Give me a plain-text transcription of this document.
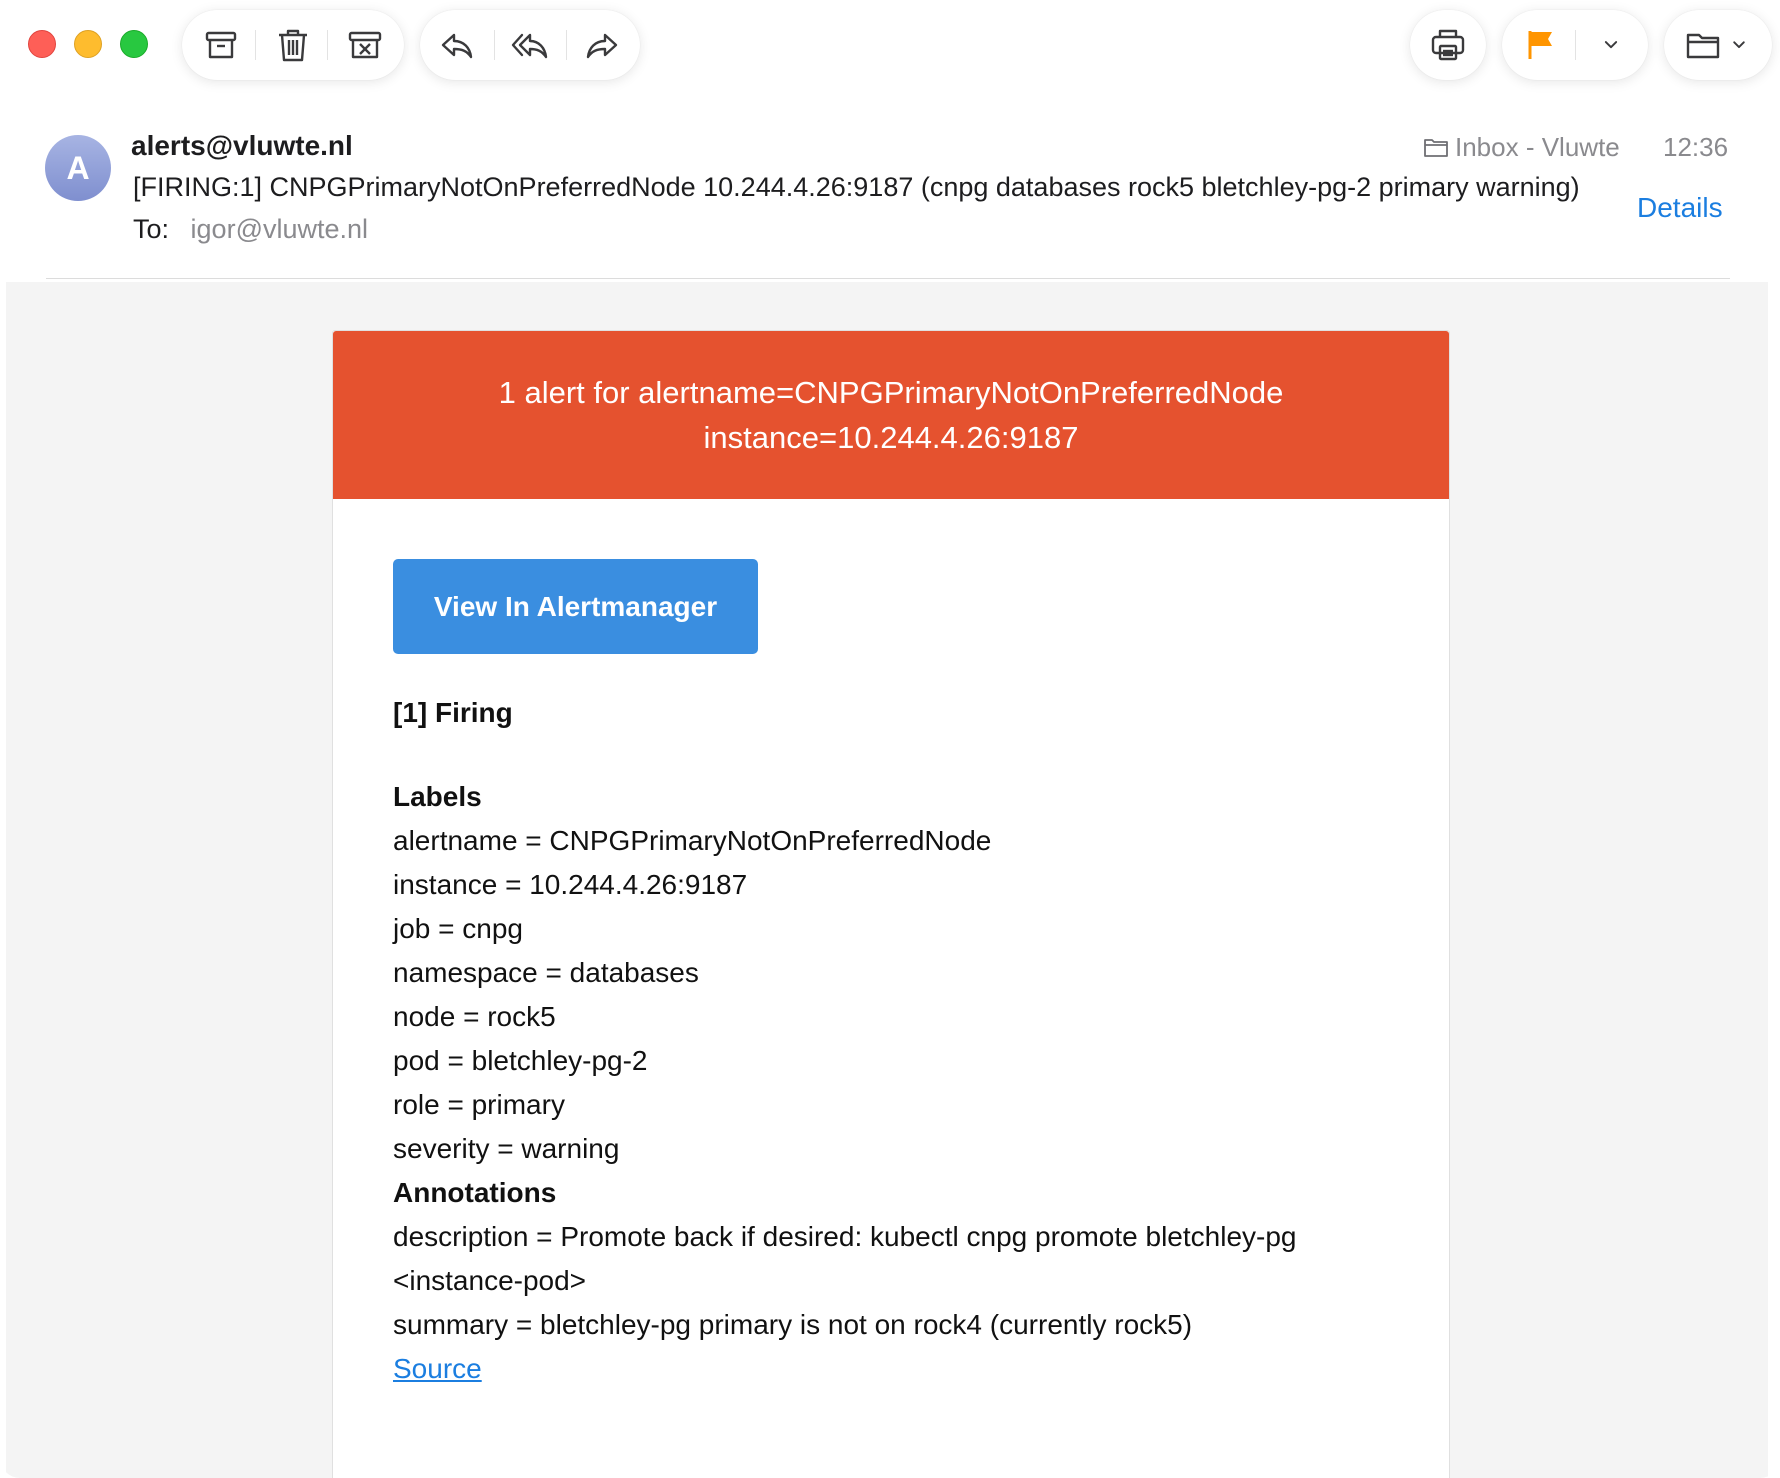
A
alerts@vluwte.nl
[FIRING:1] CNPGPrimaryNotOnPreferredNode 10.244.4.26:9187 (cnpg databases rock5 bletchley-pg-2 primary warning)
To: igor@vluwte.nl
Inbox - Vluwte 12:36
Details
1 alert for alertname=CNPGPrimaryNotOnPreferredNode
instance=10.244.4.26:9187
View In Alertmanager
[1] Firing
Labels
alertname = CNPGPrimaryNotOnPreferredNode
instance = 10.244.4.26:9187
job = cnpg
namespace = databases
node = rock5
pod = bletchley-pg-2
role = primary
severity = warning
Annotations
description = Promote back if desired: kubectl cnpg promote bletchley-pg
<instance-pod>
summary = bletchley-pg primary is not on rock4 (currently rock5)
Source
